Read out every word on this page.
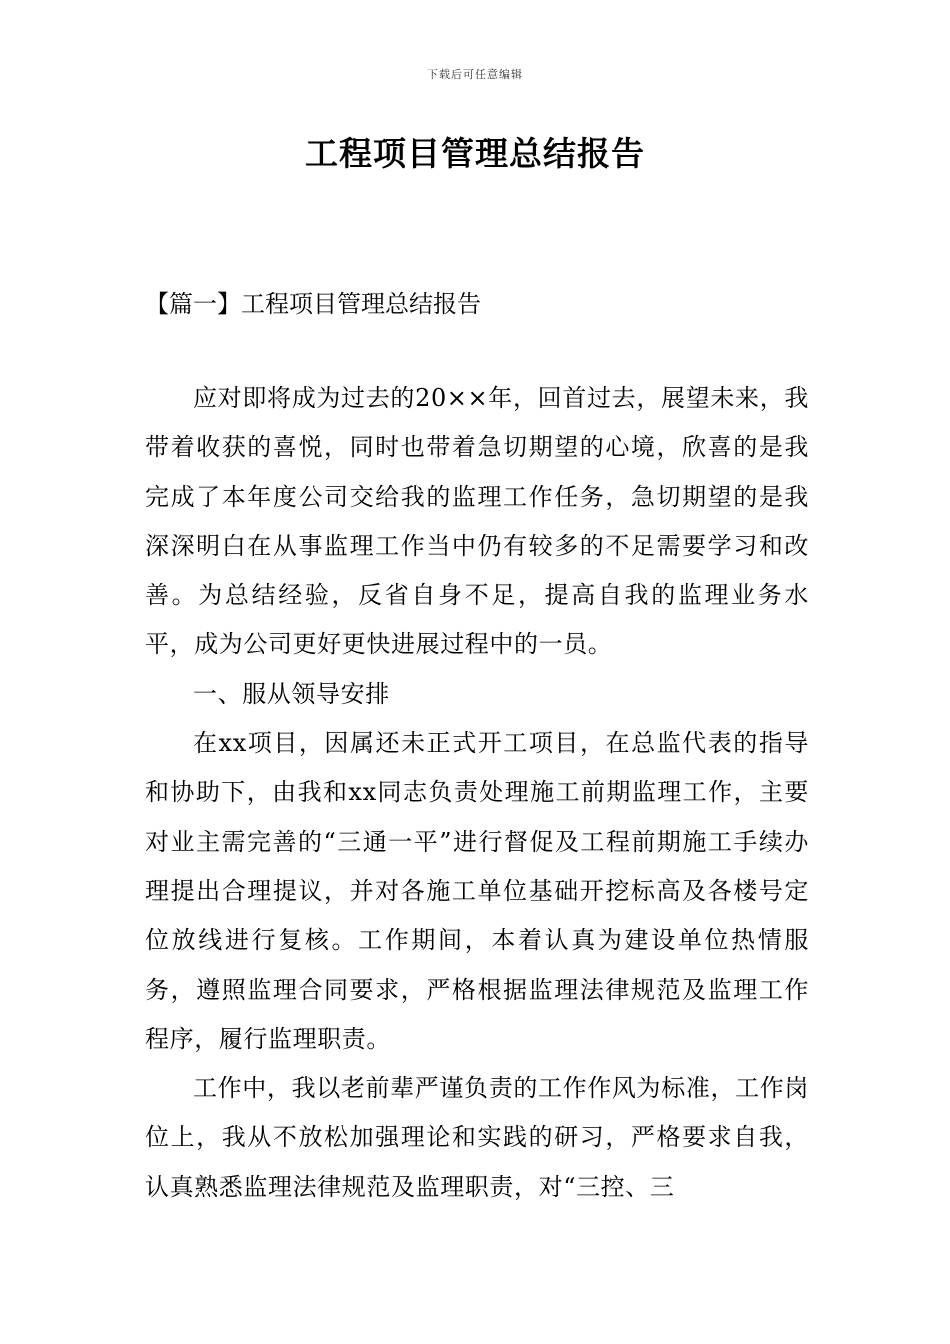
下载后可任意编辑
工程项目管理总结报告
【篇一】工程项目管理总结报告

应对即将成为过去的20××年，回首过去，展望未来，我带着收获的喜悦，同时也带着急切期望的心境，欣喜的是我完成了本年度公司交给我的监理工作任务，急切期望的是我深深明白在从事监理工作当中仍有较多的不足需要学习和改善。为总结经验，反省自身不足，提高自我的监理业务水平，成为公司更好更快进展过程中的一员。

一、服从领导安排

在xx项目，因属还未正式开工项目，在总监代表的指导和协助下，由我和xx同志负责处理施工前期监理工作，主要对业主需完善的“三通一平”进行督促及工程前期施工手续办理提出合理提议，并对各施工单位基础开挖标高及各楼号定位放线进行复核。工作期间，本着认真为建设单位热情服务，遵照监理合同要求，严格根据监理法律规范及监理工作程序，履行监理职责。

工作中，我以老前辈严谨负责的工作作风为标准，工作岗位上，我从不放松加强理论和实践的研习，严格要求自我，认真熟悉监理法律规范及监理职责，对“三控、三
